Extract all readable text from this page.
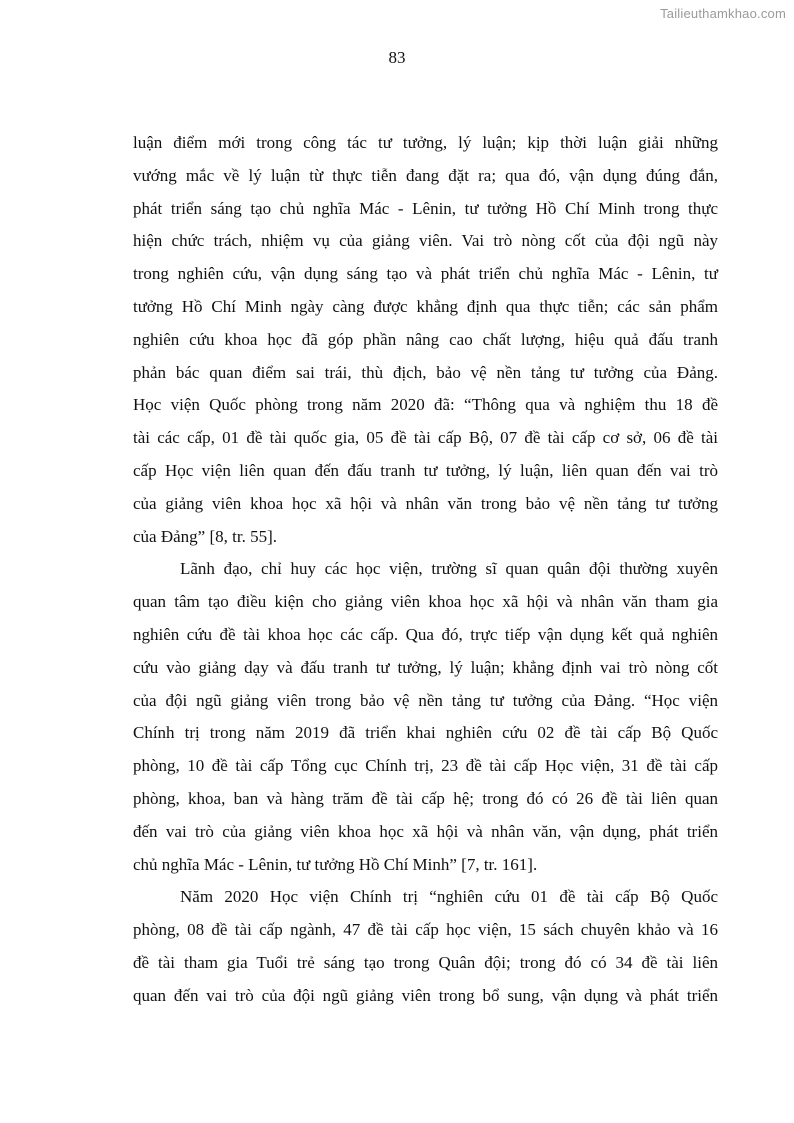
Tailieuthamkhao.com
83
luận điểm mới trong công tác tư tưởng, lý luận; kịp thời luận giải những
vướng mắc về lý luận từ thực tiễn đang đặt ra; qua đó, vận dụng đúng đắn,
phát triển sáng tạo chủ nghĩa Mác - Lênin, tư tưởng Hồ Chí Minh trong thực
hiện chức trách, nhiệm vụ của giảng viên. Vai trò nòng cốt của đội ngũ này
trong nghiên cứu, vận dụng sáng tạo và phát triển chủ nghĩa Mác - Lênin, tư
tưởng Hồ Chí Minh ngày càng được khẳng định qua thực tiễn; các sản phẩm
nghiên cứu khoa học đã góp phần nâng cao chất lượng, hiệu quả đấu tranh
phản bác quan điểm sai trái, thù địch, bảo vệ nền tảng tư tưởng của Đảng.
Học viện Quốc phòng trong năm 2020 đã: “Thông qua và nghiệm thu 18 đề
tài các cấp, 01 đề tài quốc gia, 05 đề tài cấp Bộ, 07 đề tài cấp cơ sở, 06 đề tài
cấp Học viện liên quan đến đấu tranh tư tưởng, lý luận, liên quan đến vai trò
của giảng viên khoa học xã hội và nhân văn trong bảo vệ nền tảng tư tưởng
của Đảng” [8, tr. 55].
Lãnh đạo, chỉ huy các học viện, trường sĩ quan quân đội thường xuyên
quan tâm tạo điều kiện cho giảng viên khoa học xã hội và nhân văn tham gia
nghiên cứu đề tài khoa học các cấp. Qua đó, trực tiếp vận dụng kết quả nghiên
cứu vào giảng dạy và đấu tranh tư tưởng, lý luận; khẳng định vai trò nòng cốt
của đội ngũ giảng viên trong bảo vệ nền tảng tư tưởng của Đảng. “Học viện
Chính trị trong năm 2019 đã triển khai nghiên cứu 02 đề tài cấp Bộ Quốc
phòng, 10 đề tài cấp Tổng cục Chính trị, 23 đề tài cấp Học viện, 31 đề tài cấp
phòng, khoa, ban và hàng trăm đề tài cấp hệ; trong đó có 26 đề tài liên quan
đến vai trò của giảng viên khoa học xã hội và nhân văn, vận dụng, phát triển
chủ nghĩa Mác - Lênin, tư tưởng Hồ Chí Minh” [7, tr. 161].
Năm 2020 Học viện Chính trị “nghiên cứu 01 đề tài cấp Bộ Quốc
phòng, 08 đề tài cấp ngành, 47 đề tài cấp học viện, 15 sách chuyên khảo và 16
đề tài tham gia Tuổi trẻ sáng tạo trong Quân đội; trong đó có 34 đề tài liên
quan đến vai trò của đội ngũ giảng viên trong bổ sung, vận dụng và phát triển
